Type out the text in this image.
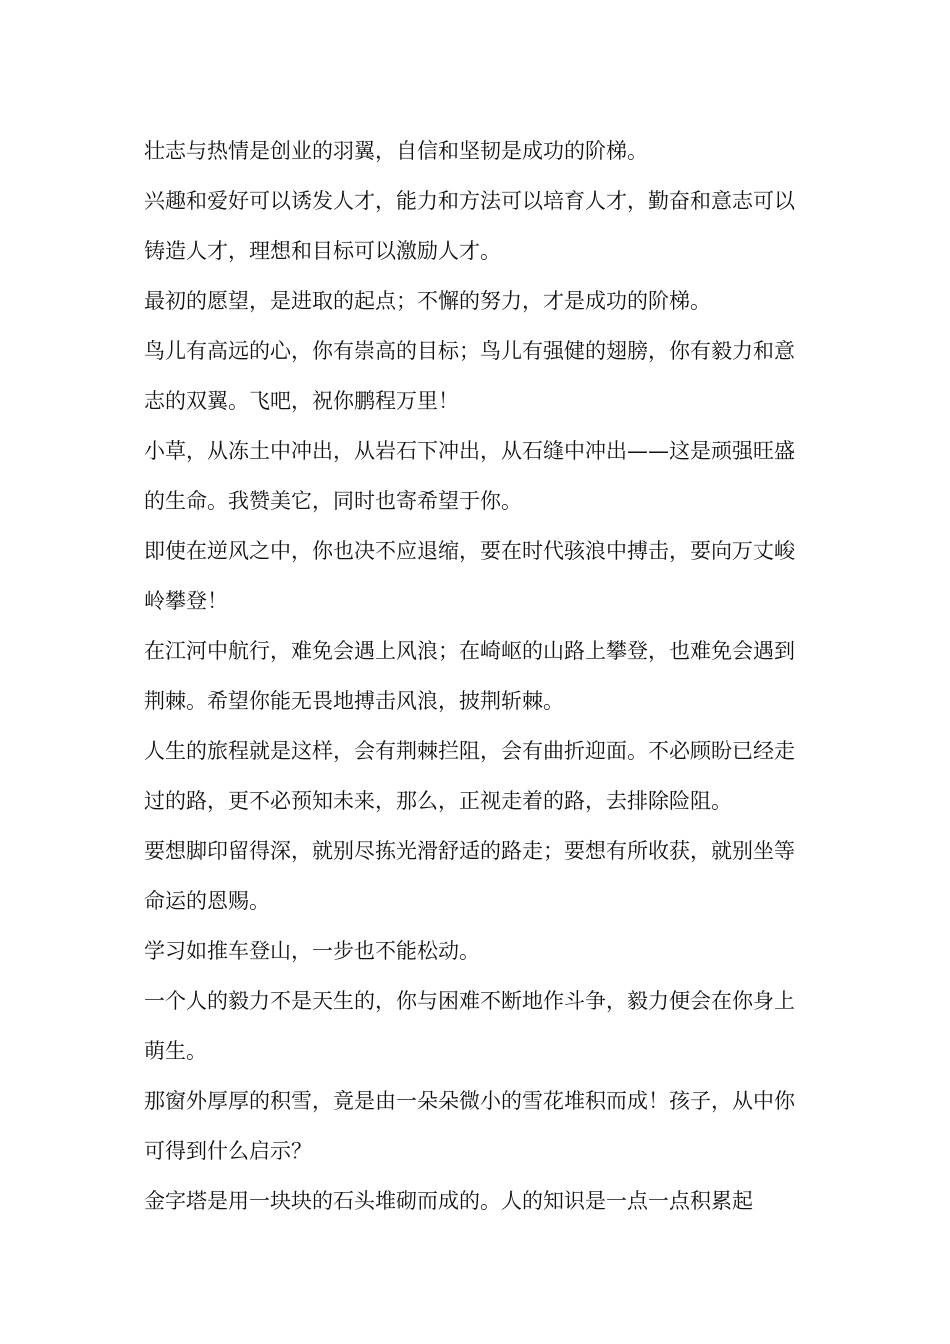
壮志与热情是创业的羽翼，自信和坚韧是成功的阶梯。

兴趣和爱好可以诱发人才，能力和方法可以培育人才，勤奋和意志可以铸造人才，理想和目标可以激励人才。

最初的愿望，是进取的起点；不懈的努力，才是成功的阶梯。

鸟儿有高远的心，你有崇高的目标；鸟儿有强健的翅膀，你有毅力和意志的双翼。飞吧，祝你鹏程万里！

小草，从冻土中冲出，从岩石下冲出，从石缝中冲出——这是顽强旺盛的生命。我赞美它，同时也寄希望于你。

即使在逆风之中，你也决不应退缩，要在时代骇浪中搏击，要向万丈峻岭攀登！

在江河中航行，难免会遇上风浪；在崎岖的山路上攀登，也难免会遇到荆棘。希望你能无畏地搏击风浪，披荆斩棘。

人生的旅程就是这样，会有荆棘拦阻，会有曲折迎面。不必顾盼已经走过的路，更不必预知未来，那么，正视走着的路，去排除险阻。

要想脚印留得深，就别尽拣光滑舒适的路走；要想有所收获，就别坐等命运的恩赐。

学习如推车登山，一步也不能松动。

一个人的毅力不是天生的，你与困难不断地作斗争，毅力便会在你身上萌生。

那窗外厚厚的积雪，竟是由一朵朵微小的雪花堆积而成！孩子，从中你可得到什么启示？

金字塔是用一块块的石头堆砌而成的。人的知识是一点一点积累起
